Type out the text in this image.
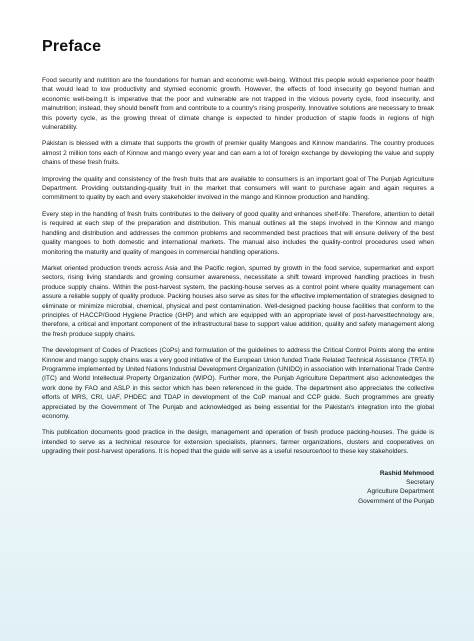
Preface

Food security and nutrition are the foundations for human and economic well-being. Without this people would experience poor health that would lead to low productivity and stymied economic growth. However, the effects of food insecurity go beyond human and economic well-being.It is imperative that the poor and vulnerable are not trapped in the vicious poverty cycle, food insecurity, and malnutrition; instead, they should benefit from and contribute to a country's rising prosperity. Innovative solutions are necessary to break this poverty cycle, as the growing threat of climate change is expected to hinder production of staple foods in regions of high vulnerability.

Pakistan is blessed with a climate that supports the growth of premier quality Mangoes and Kinnow mandarins. The country produces almost 2 million tons each of Kinnow and mango every year and can earn a lot of foreign exchange by developing the value and supply chains of these fresh fruits.

Improving the quality and consistency of the fresh fruits that are available to consumers is an important goal of The Punjab Agriculture Department. Providing outstanding-quality fruit in the market that consumers will want to purchase again and again requires a commitment to quality by each and every stakeholder involved in the mango and Kinnow production and handling.

Every step in the handling of fresh fruits contributes to the delivery of good quality and enhances shelf-life. Therefore, attention to detail is required at each step of the preparation and distribution. This manual outlines all the steps involved in the Kinnow and mango handling and distribution and addresses the common problems and recommended best practices that will ensure delivery of the best quality mangoes to both domestic and international markets. The manual also includes the quality-control procedures used when monitoring the maturity and quality of mangoes in commercial handling operations.

Market oriented production trends across Asia and the Pacific region, spurred by growth in the food service, supermarket and export sectors, rising living standards and growing consumer awareness, necessitate a shift toward improved handling practices in fresh produce supply chains. Within the post-harvest system, the packing-house serves as a control point where quality management can assure a reliable supply of quality produce. Packing houses also serve as sites for the effective implementation of strategies designed to eliminate or minimize microbial, chemical, physical and pest contamination. Well-designed packing house facilities that conform to the principles of HACCP/Good Hygiene Practice (GHP) and which are equipped with an appropriate level of post-harvesttechnology are, therefore, a critical and important component of the infrastructural base to support value addition, quality and safety management along the fresh produce supply chains.

The development of Codes of Practices (CoPs) and formulation of the guidelines to address the Critical Control Points along the entire Kinnow and mango supply chains was a very good initiative of the European Union funded Trade Related Technical Assistance (TRTA II) Programme implemented by United Nations Industrial Development Organization (UNIDO) in association with International Trade Centre (ITC) and World Intellectual Property Organization (WIPO). Further more, the Punjab Agriculture Department also acknowledges the work done by FAO and ASLP in this sector which has been referenced in the guide. The department also appreciates the collective efforts of MRS, CRI, UAF, PHDEC and TDAP in development of the CoP manual and CCP guide. Such programmes are greatly appreciated by the Government of The Punjab and acknowledged as being essential for the Pakistan's integration into the global economy.

This publication documents good practice in the design, management and operation of fresh produce packing-houses. The guide is intended to serve as a technical resource for extension specialists, planners, farmer organizations, clusters and cooperatives on upgrading their post-harvest operations. It is hoped that the guide will serve as a useful resource/tool to these key stakeholders.

Rashid Mehmood
Secretary
Agriculture Department
Government of the Punjab
